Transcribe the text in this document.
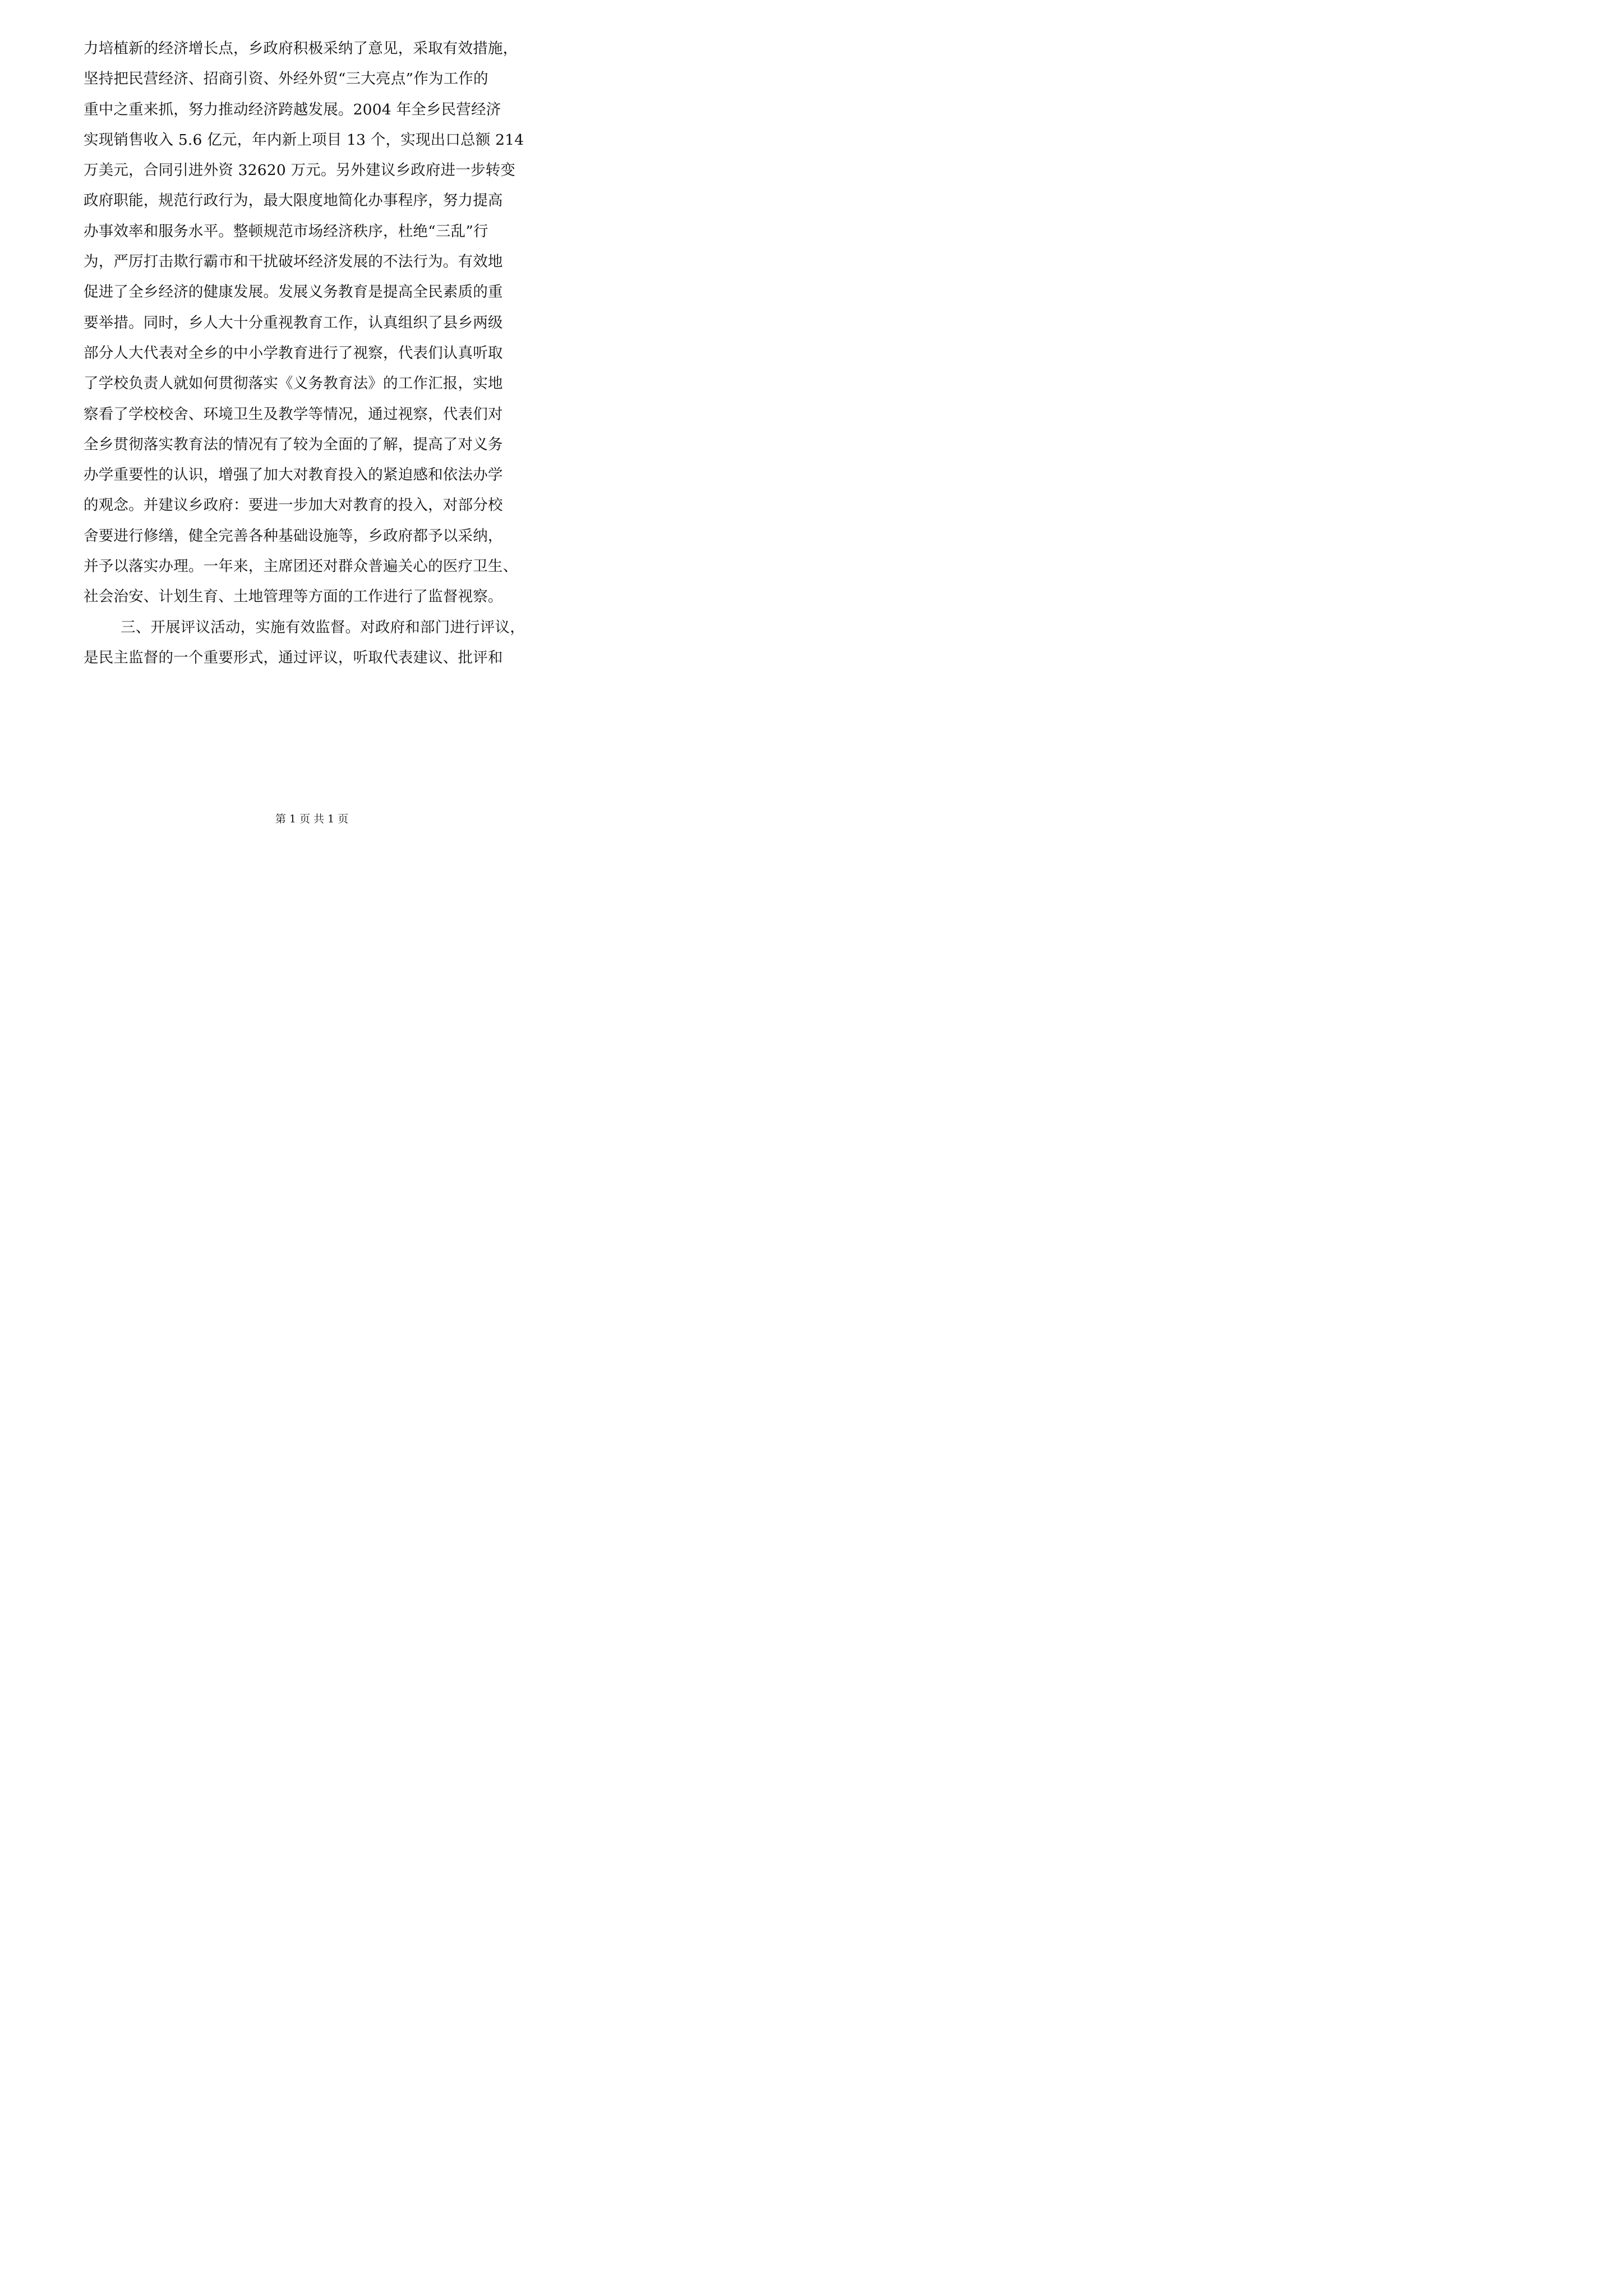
力培植新的经济增长点，乡政府积极采纳了意见，采取有效措施，
坚持把民营经济、招商引资、外经外贸“三大亮点”作为工作的
重中之重来抓，努力推动经济跨越发展。2004 年全乡民营经济
实现销售收入 5.6 亿元，年内新上项目 13 个，实现出口总额 214
万美元，合同引进外资 32620 万元。另外建议乡政府进一步转变
政府职能，规范行政行为，最大限度地简化办事程序，努力提高
办事效率和服务水平。整顿规范市场经济秩序，杜绝“三乱”行
为，严厉打击欺行霸市和干扰破坏经济发展的不法行为。有效地
促进了全乡经济的健康发展。发展义务教育是提高全民素质的重
要举措。同时，乡人大十分重视教育工作，认真组织了县乡两级
部分人大代表对全乡的中小学教育进行了视察，代表们认真听取
了学校负责人就如何贯彻落实《义务教育法》的工作汇报，实地
察看了学校校舍、环境卫生及教学等情况，通过视察，代表们对
全乡贯彻落实教育法的情况有了较为全面的了解，提高了对义务
办学重要性的认识，增强了加大对教育投入的紧迫感和依法办学
的观念。并建议乡政府：要进一步加大对教育的投入，对部分校
舍要进行修缮，健全完善各种基础设施等，乡政府都予以采纳，
并予以落实办理。一年来，主席团还对群众普遍关心的医疗卫生、
社会治安、计划生育、土地管理等方面的工作进行了监督视察。
三、开展评议活动，实施有效监督。对政府和部门进行评议，
是民主监督的一个重要形式，通过评议，听取代表建议、批评和
第 1 页 共 1 页
